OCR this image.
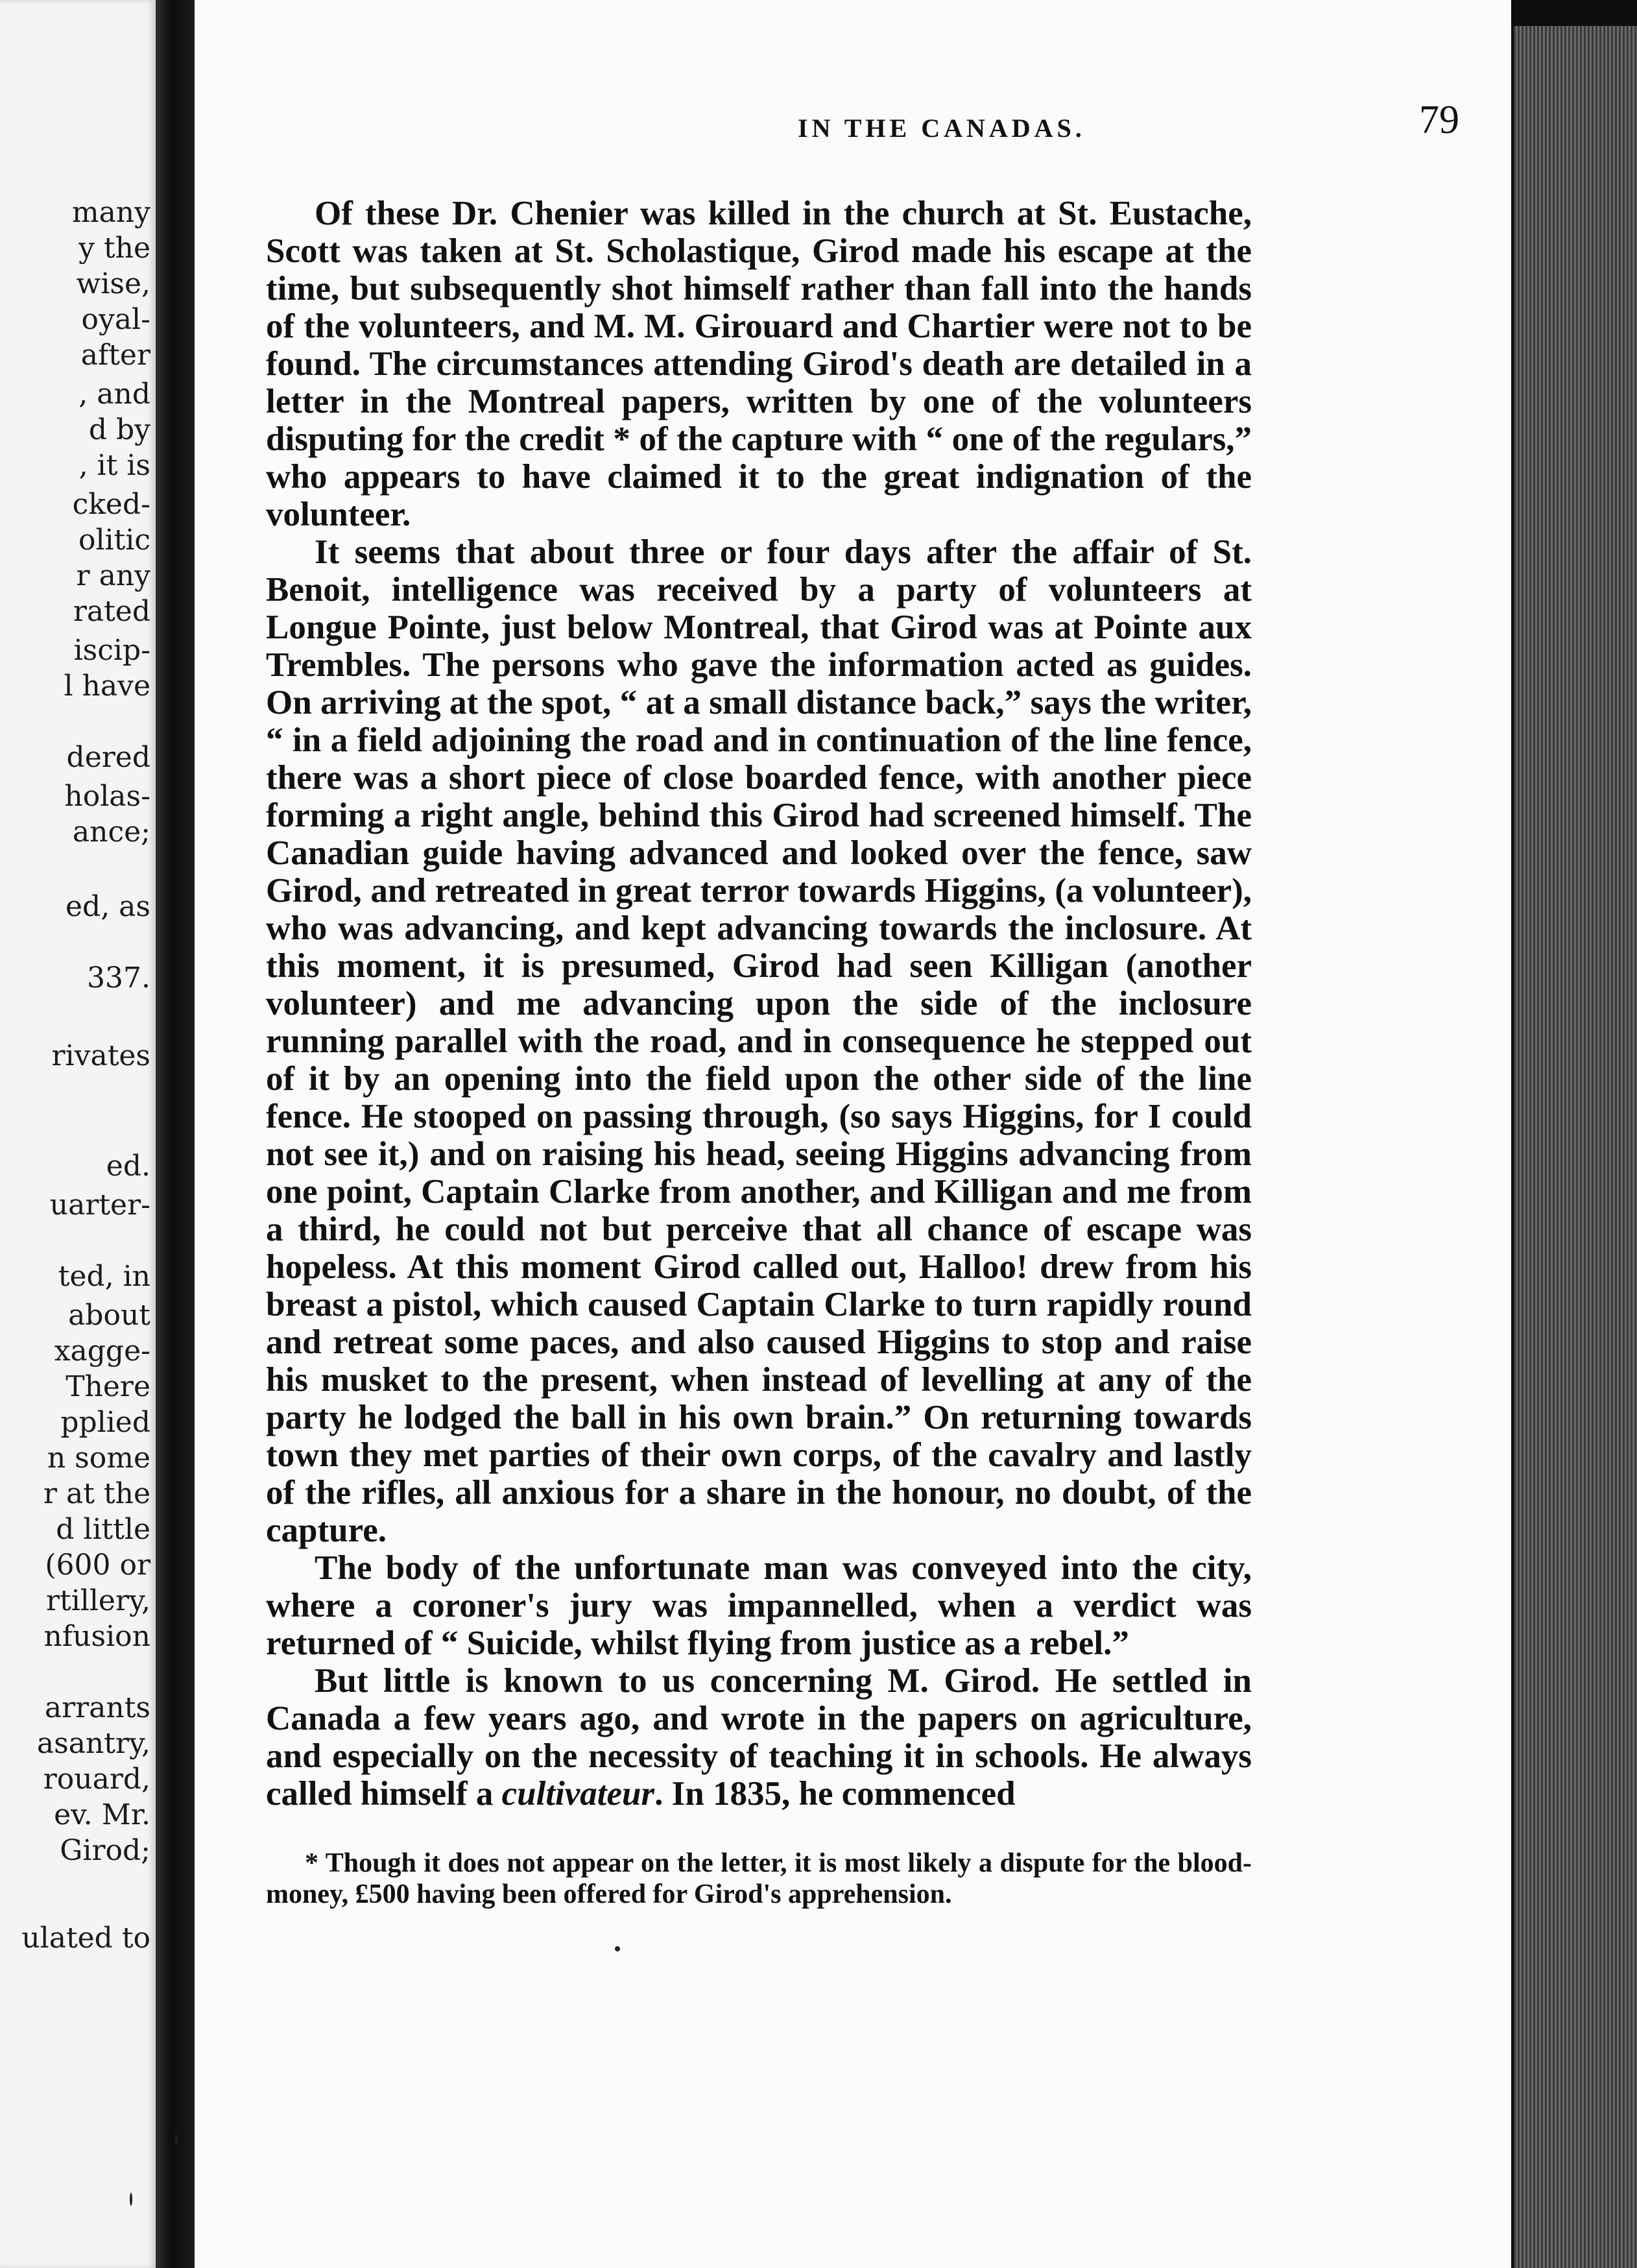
many

y the

wise,

oyal-

after

, and

d by

, it is

cked-

olitic

r any

rated

iscip-

l have

dered

holas-

ance;

ed, as

337.

rivates

ed.

uarter-

ted, in

about

xagge-

There

pplied

n some

r at the

d little

(600 or

rtillery,

nfusion

arrants

asantry,

rouard,

ev. Mr.

Girod;

ulated to

IN THE CANADAS.	79

Of these Dr. Chenier was killed in the church at St. Eustache, Scott was taken at St. Scholastique, Girod made his escape at the time, but subsequently shot himself rather than fall into the hands of the volunteers, and M. M. Girouard and Chartier were not to be found. The circumstances attending Girod's death are detailed in a letter in the Montreal papers, written by one of the volunteers disputing for the credit * of the capture with “ one of the regulars,” who appears to have claimed it to the great indignation of the volunteer.

It seems that about three or four days after the affair of St. Benoit, intelligence was received by a party of volunteers at Longue Pointe, just below Montreal, that Girod was at Pointe aux Trembles. The persons who gave the information acted as guides. On arriving at the spot, “ at a small distance back,” says the writer, “ in a field adjoining the road and in continuation of the line fence, there was a short piece of close boarded fence, with another piece forming a right angle, behind this Girod had screened himself. The Canadian guide having advanced and looked over the fence, saw Girod, and retreated in great terror towards Higgins, (a volunteer), who was advancing, and kept advancing towards the inclosure. At this moment, it is presumed, Girod had seen Killigan (another volunteer) and me advancing upon the side of the inclosure running parallel with the road, and in consequence he stepped out of it by an opening into the field upon the other side of the line fence. He stooped on passing through, (so says Higgins, for I could not see it,) and on raising his head, seeing Higgins advancing from one point, Captain Clarke from another, and Killigan and me from a third, he could not but perceive that all chance of escape was hopeless. At this moment Girod called out, Halloo! drew from his breast a pistol, which caused Captain Clarke to turn rapidly round and retreat some paces, and also caused Higgins to stop and raise his musket to the present, when instead of levelling at any of the party he lodged the ball in his own brain.” On returning towards town they met parties of their own corps, of the cavalry and lastly of the rifles, all anxious for a share in the honour, no doubt, of the capture.

The body of the unfortunate man was conveyed into the city, where a coroner's jury was impannelled, when a verdict was returned of “ Suicide, whilst flying from justice as a rebel.”

But little is known to us concerning M. Girod. He settled in Canada a few years ago, and wrote in the papers on agriculture, and especially on the necessity of teaching it in schools. He always called himself a cultivateur. In 1835, he commenced

* Though it does not appear on the letter, it is most likely a dispute for the blood-money, £500 having been offered for Girod's apprehension.
